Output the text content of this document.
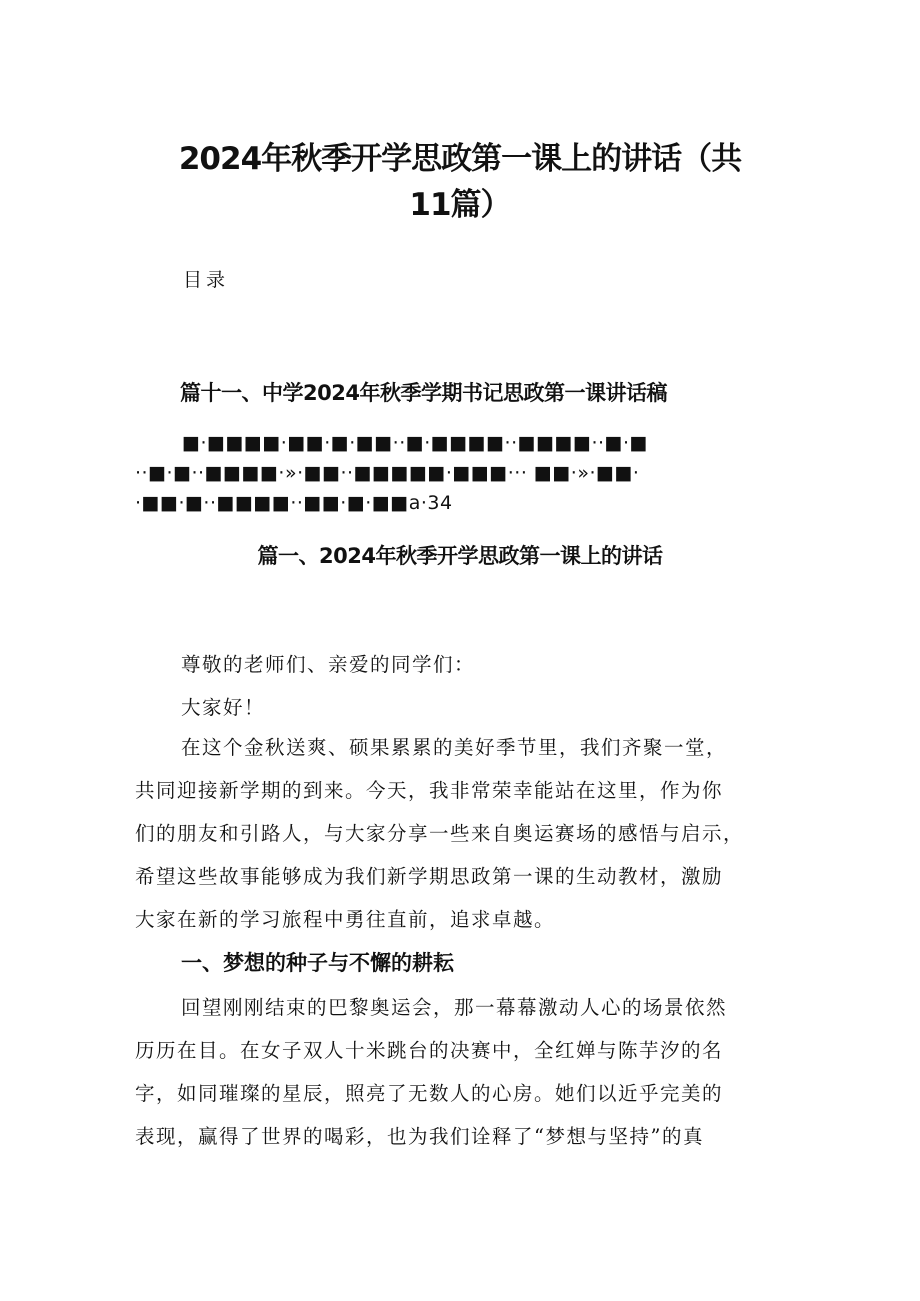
2024年秋季开学思政第一课上的讲话（共
11篇）
目录
篇十一、中学2024年秋季学期书记思政第一课讲话稿
■·■■■■·■■·■·■■··■·■■■■··■■■■··■·■
··■·■··■■■■·»·■■··■■■■■·■■■··· ■■·»·■■·
·■■·■··■■■■··■■·■·■■a·34
篇一、2024年秋季开学思政第一课上的讲话
尊敬的老师们、亲爱的同学们：
大家好！
在这个金秋送爽、硕果累累的美好季节里，我们齐聚一堂，
共同迎接新学期的到来。今天，我非常荣幸能站在这里，作为你
们的朋友和引路人，与大家分享一些来自奥运赛场的感悟与启示，
希望这些故事能够成为我们新学期思政第一课的生动教材，激励
大家在新的学习旅程中勇往直前，追求卓越。
一、梦想的种子与不懈的耕耘
回望刚刚结束的巴黎奥运会，那一幕幕激动人心的场景依然
历历在目。在女子双人十米跳台的决赛中，全红婵与陈芋汐的名
字，如同璀璨的星辰，照亮了无数人的心房。她们以近乎完美的
表现，赢得了世界的喝彩，也为我们诠释了“梦想与坚持”的真
